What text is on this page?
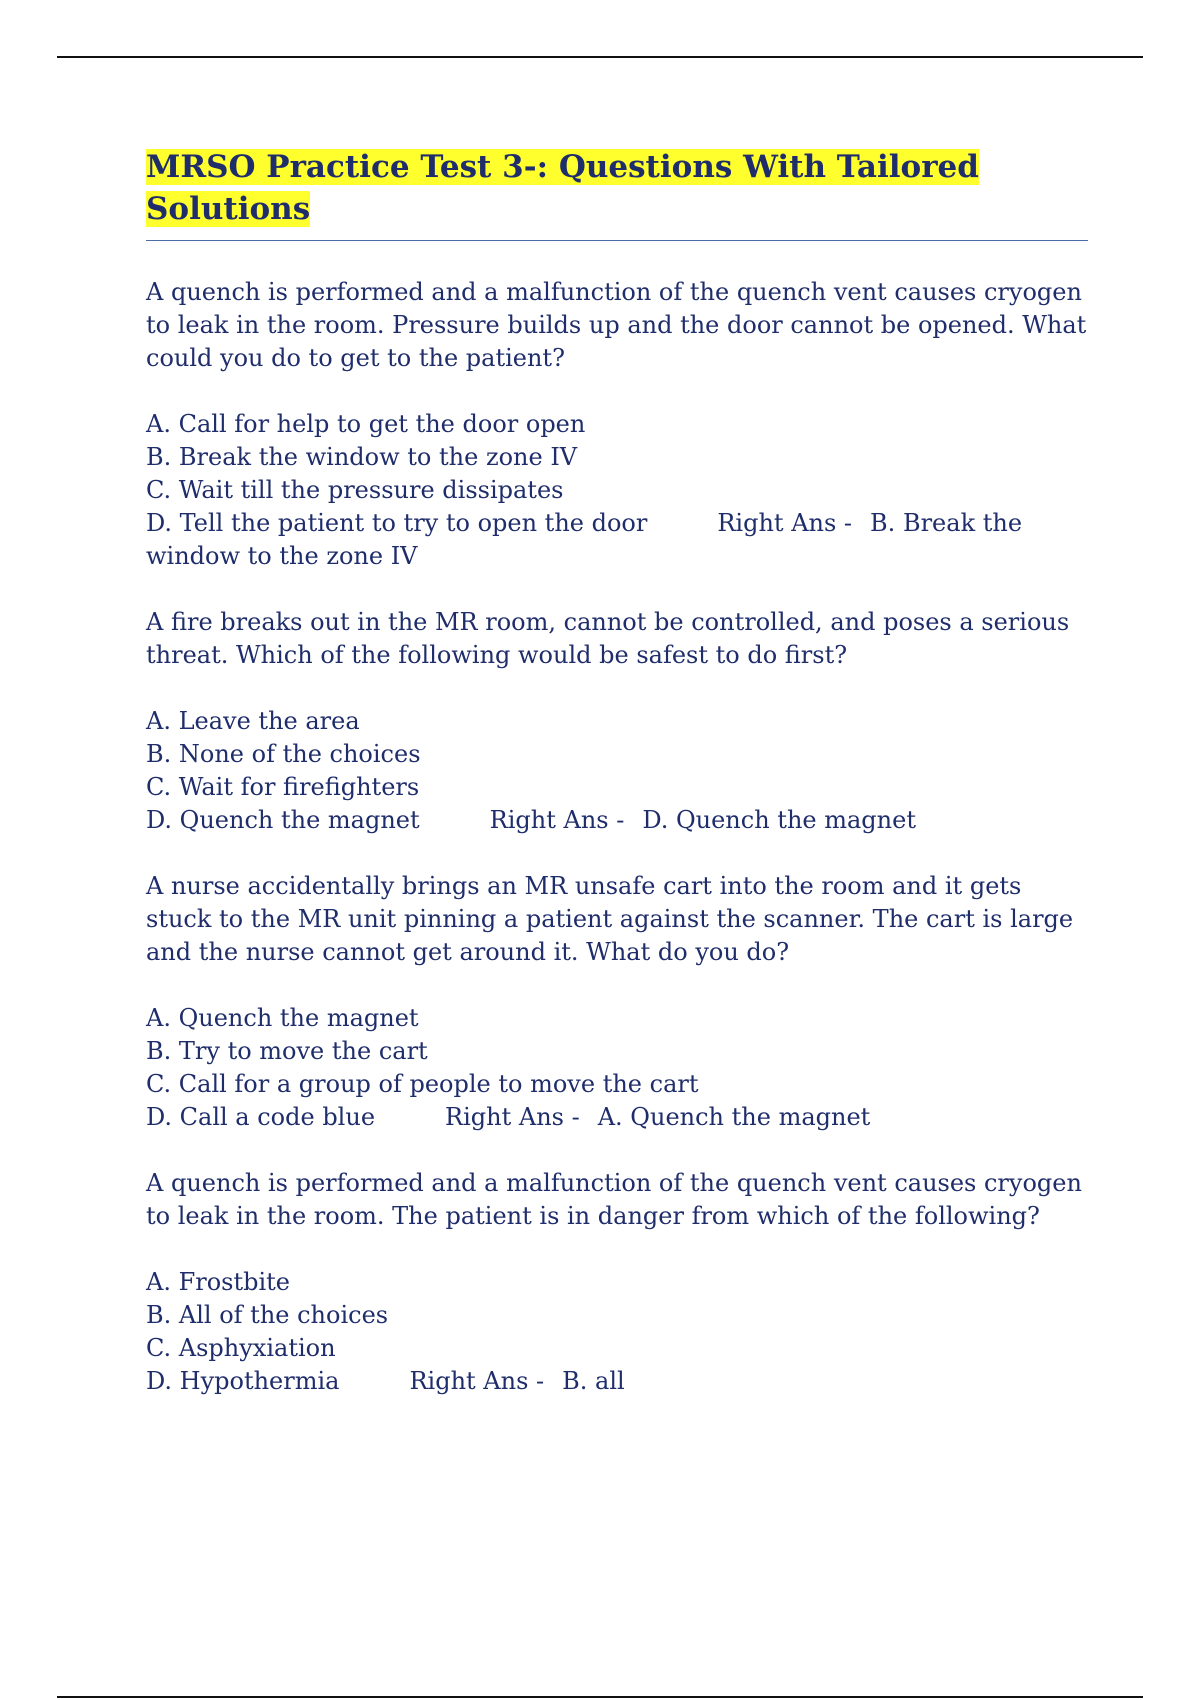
MRSO Practice Test 3-: Questions With Tailored Solutions

A quench is performed and a malfunction of the quench vent causes cryogen to leak in the room. Pressure builds up and the door cannot be opened. What could you do to get to the patient?

A. Call for help to get the door open
B. Break the window to the zone IV
C. Wait till the pressure dissipates
D. Tell the patient to try to open the door	Right Ans - B. Break the window to the zone IV

A fire breaks out in the MR room, cannot be controlled, and poses a serious threat. Which of the following would be safest to do first?

A. Leave the area
B. None of the choices
C. Wait for firefighters
D. Quench the magnet	Right Ans - D. Quench the magnet

A nurse accidentally brings an MR unsafe cart into the room and it gets stuck to the MR unit pinning a patient against the scanner. The cart is large and the nurse cannot get around it. What do you do?

A. Quench the magnet
B. Try to move the cart
C. Call for a group of people to move the cart
D. Call a code blue	Right Ans - A. Quench the magnet

A quench is performed and a malfunction of the quench vent causes cryogen to leak in the room. The patient is in danger from which of the following?

A. Frostbite
B. All of the choices
C. Asphyxiation
D. Hypothermia	Right Ans - B. all
